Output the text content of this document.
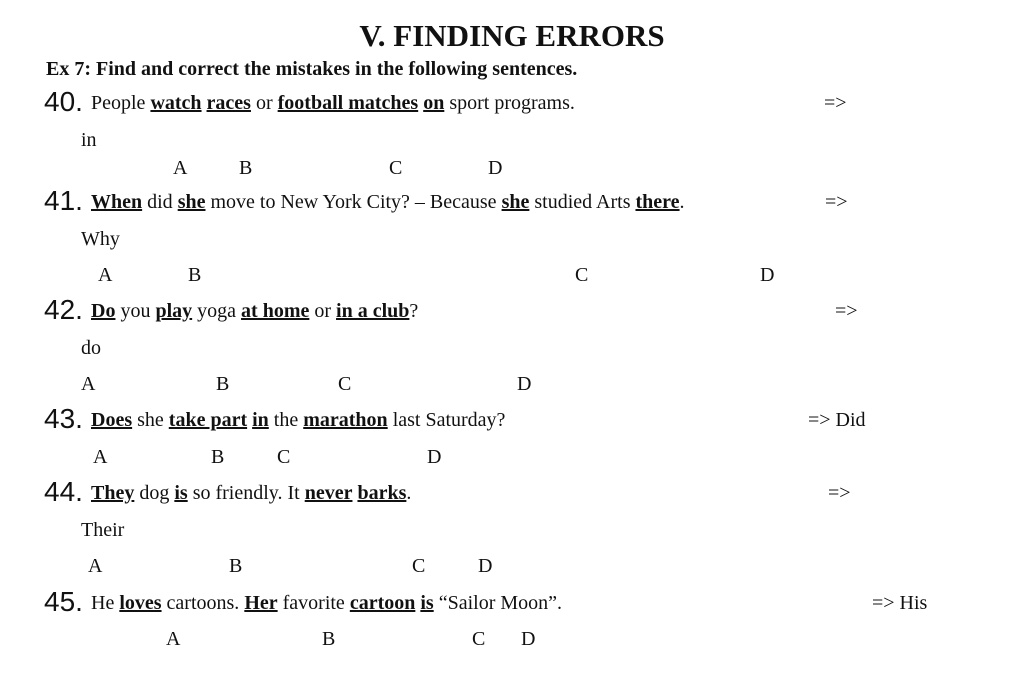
V. FINDING ERRORS
Ex 7: Find and correct the mistakes in the following sentences.
40. People watch races or football matches on sport programs.	=>
in
A	B	C	D
41. When did she move to New York City? – Because she studied Arts there.	=>
Why
A	B	C	D
42. Do you play yoga at home or in a club?	=>
do
A	B	C	D
43. Does she take part in the marathon last Saturday?	=> Did
A	B	C	D
44. They dog is so friendly. It never barks.	=>
Their
A	B	C	D
45. He loves cartoons. Her favorite cartoon is “Sailor Moon”.	=> His
A	B	C D
